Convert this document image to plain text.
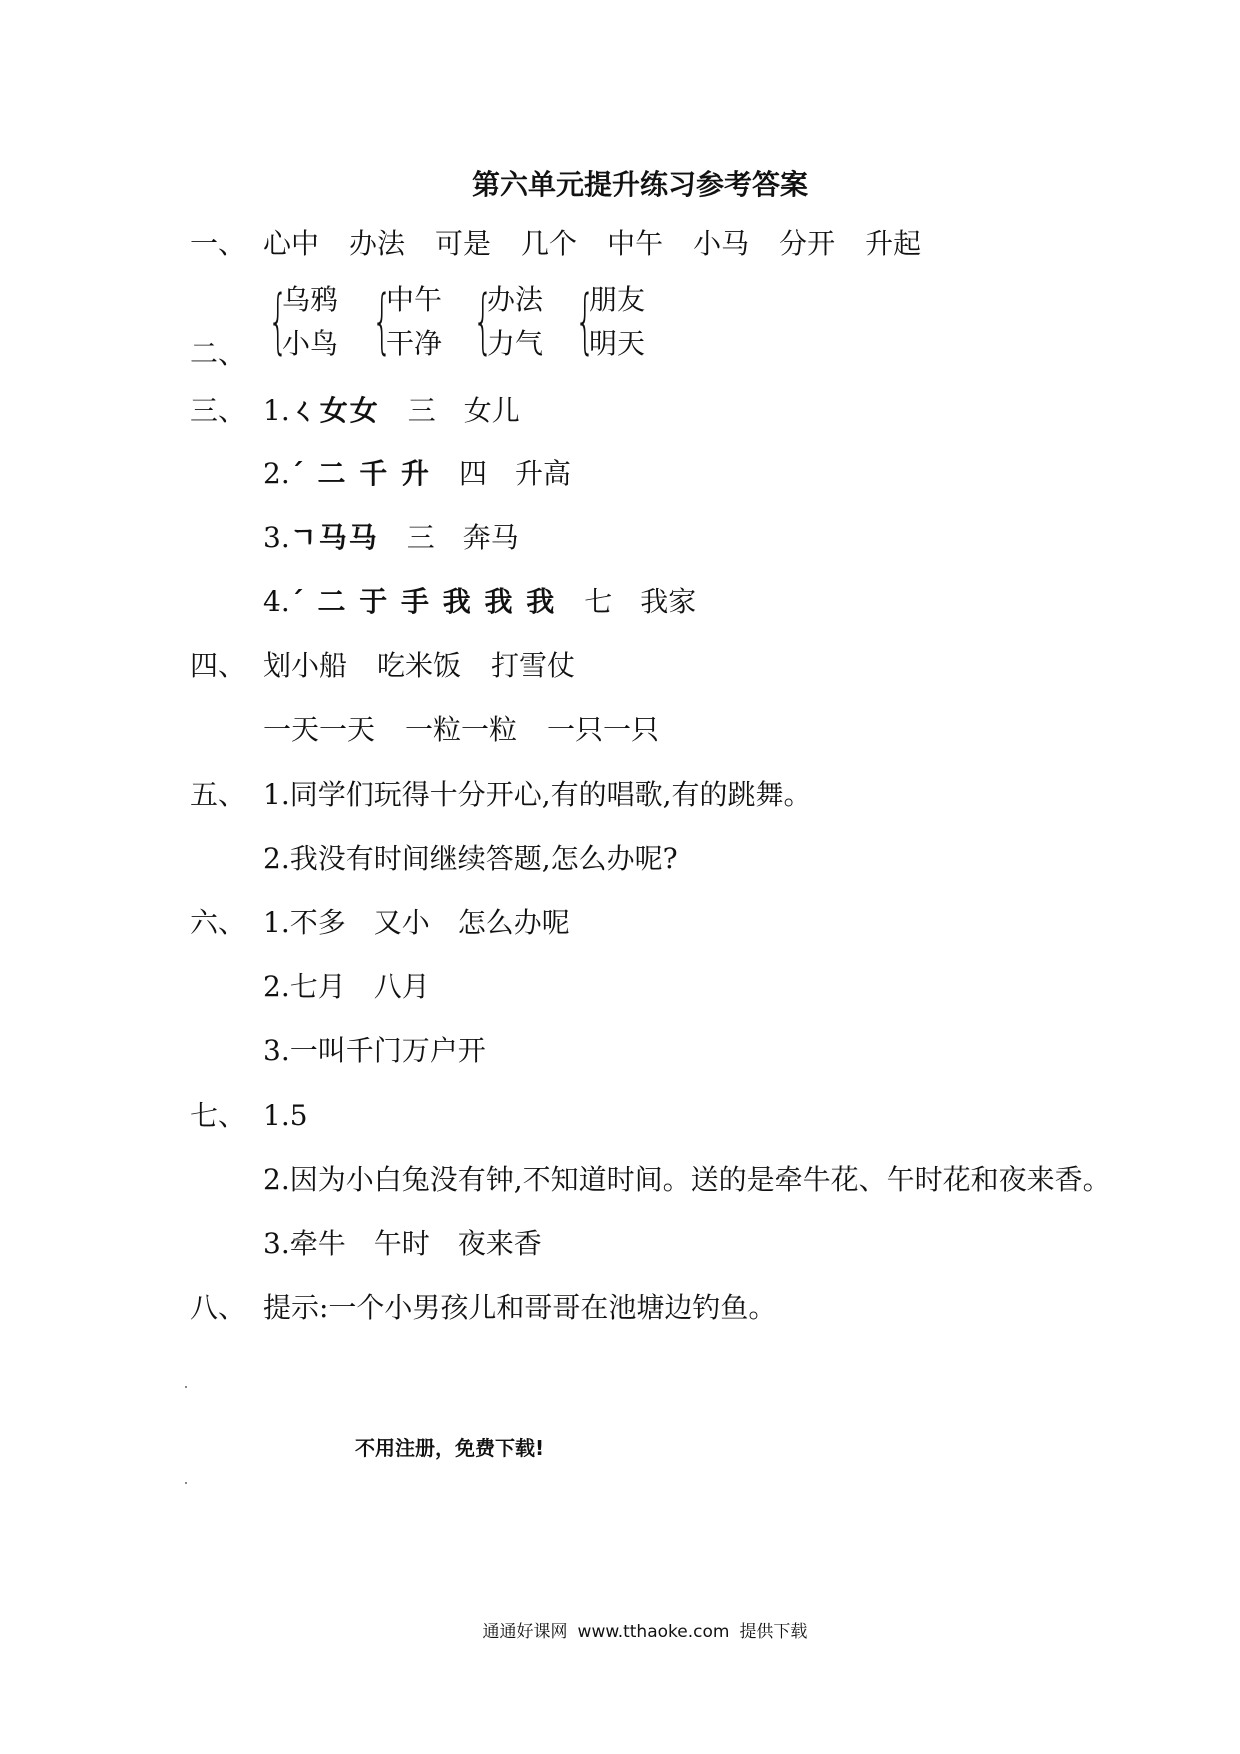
第六单元提升练习参考答案
一、 心中 办法 可是 几个 中午 小马 分开 升起
二、 {
乌鸦
小鸟 {
中午
干净 {
办法
力气 {
朋友
明天
三、 1.ㄑ女女 三 女儿
2.ˊ 二 千 升 四 升高
3.ㄱ马马 三 奔马
4.ˊ 二 于 手 我 我 我 七 我家
四、 划小船 吃米饭 打雪仗
一天一天 一粒一粒 一只一只
五、 1.同学们玩得十分开心,有的唱歌,有的跳舞。
2.我没有时间继续答题,怎么办呢?
六、 1.不多　又小　怎么办呢
2.七月　八月
3.一叫千门万户开
七、 1.5
2.因为小白兔没有钟,不知道时间。送的是牵牛花、午时花和夜来香。
3.牵牛　午时　夜来香
八、 提示:一个小男孩儿和哥哥在池塘边钓鱼。
不用注册，免费下载!
通通好课网 www.tthaoke.com 提供下载
